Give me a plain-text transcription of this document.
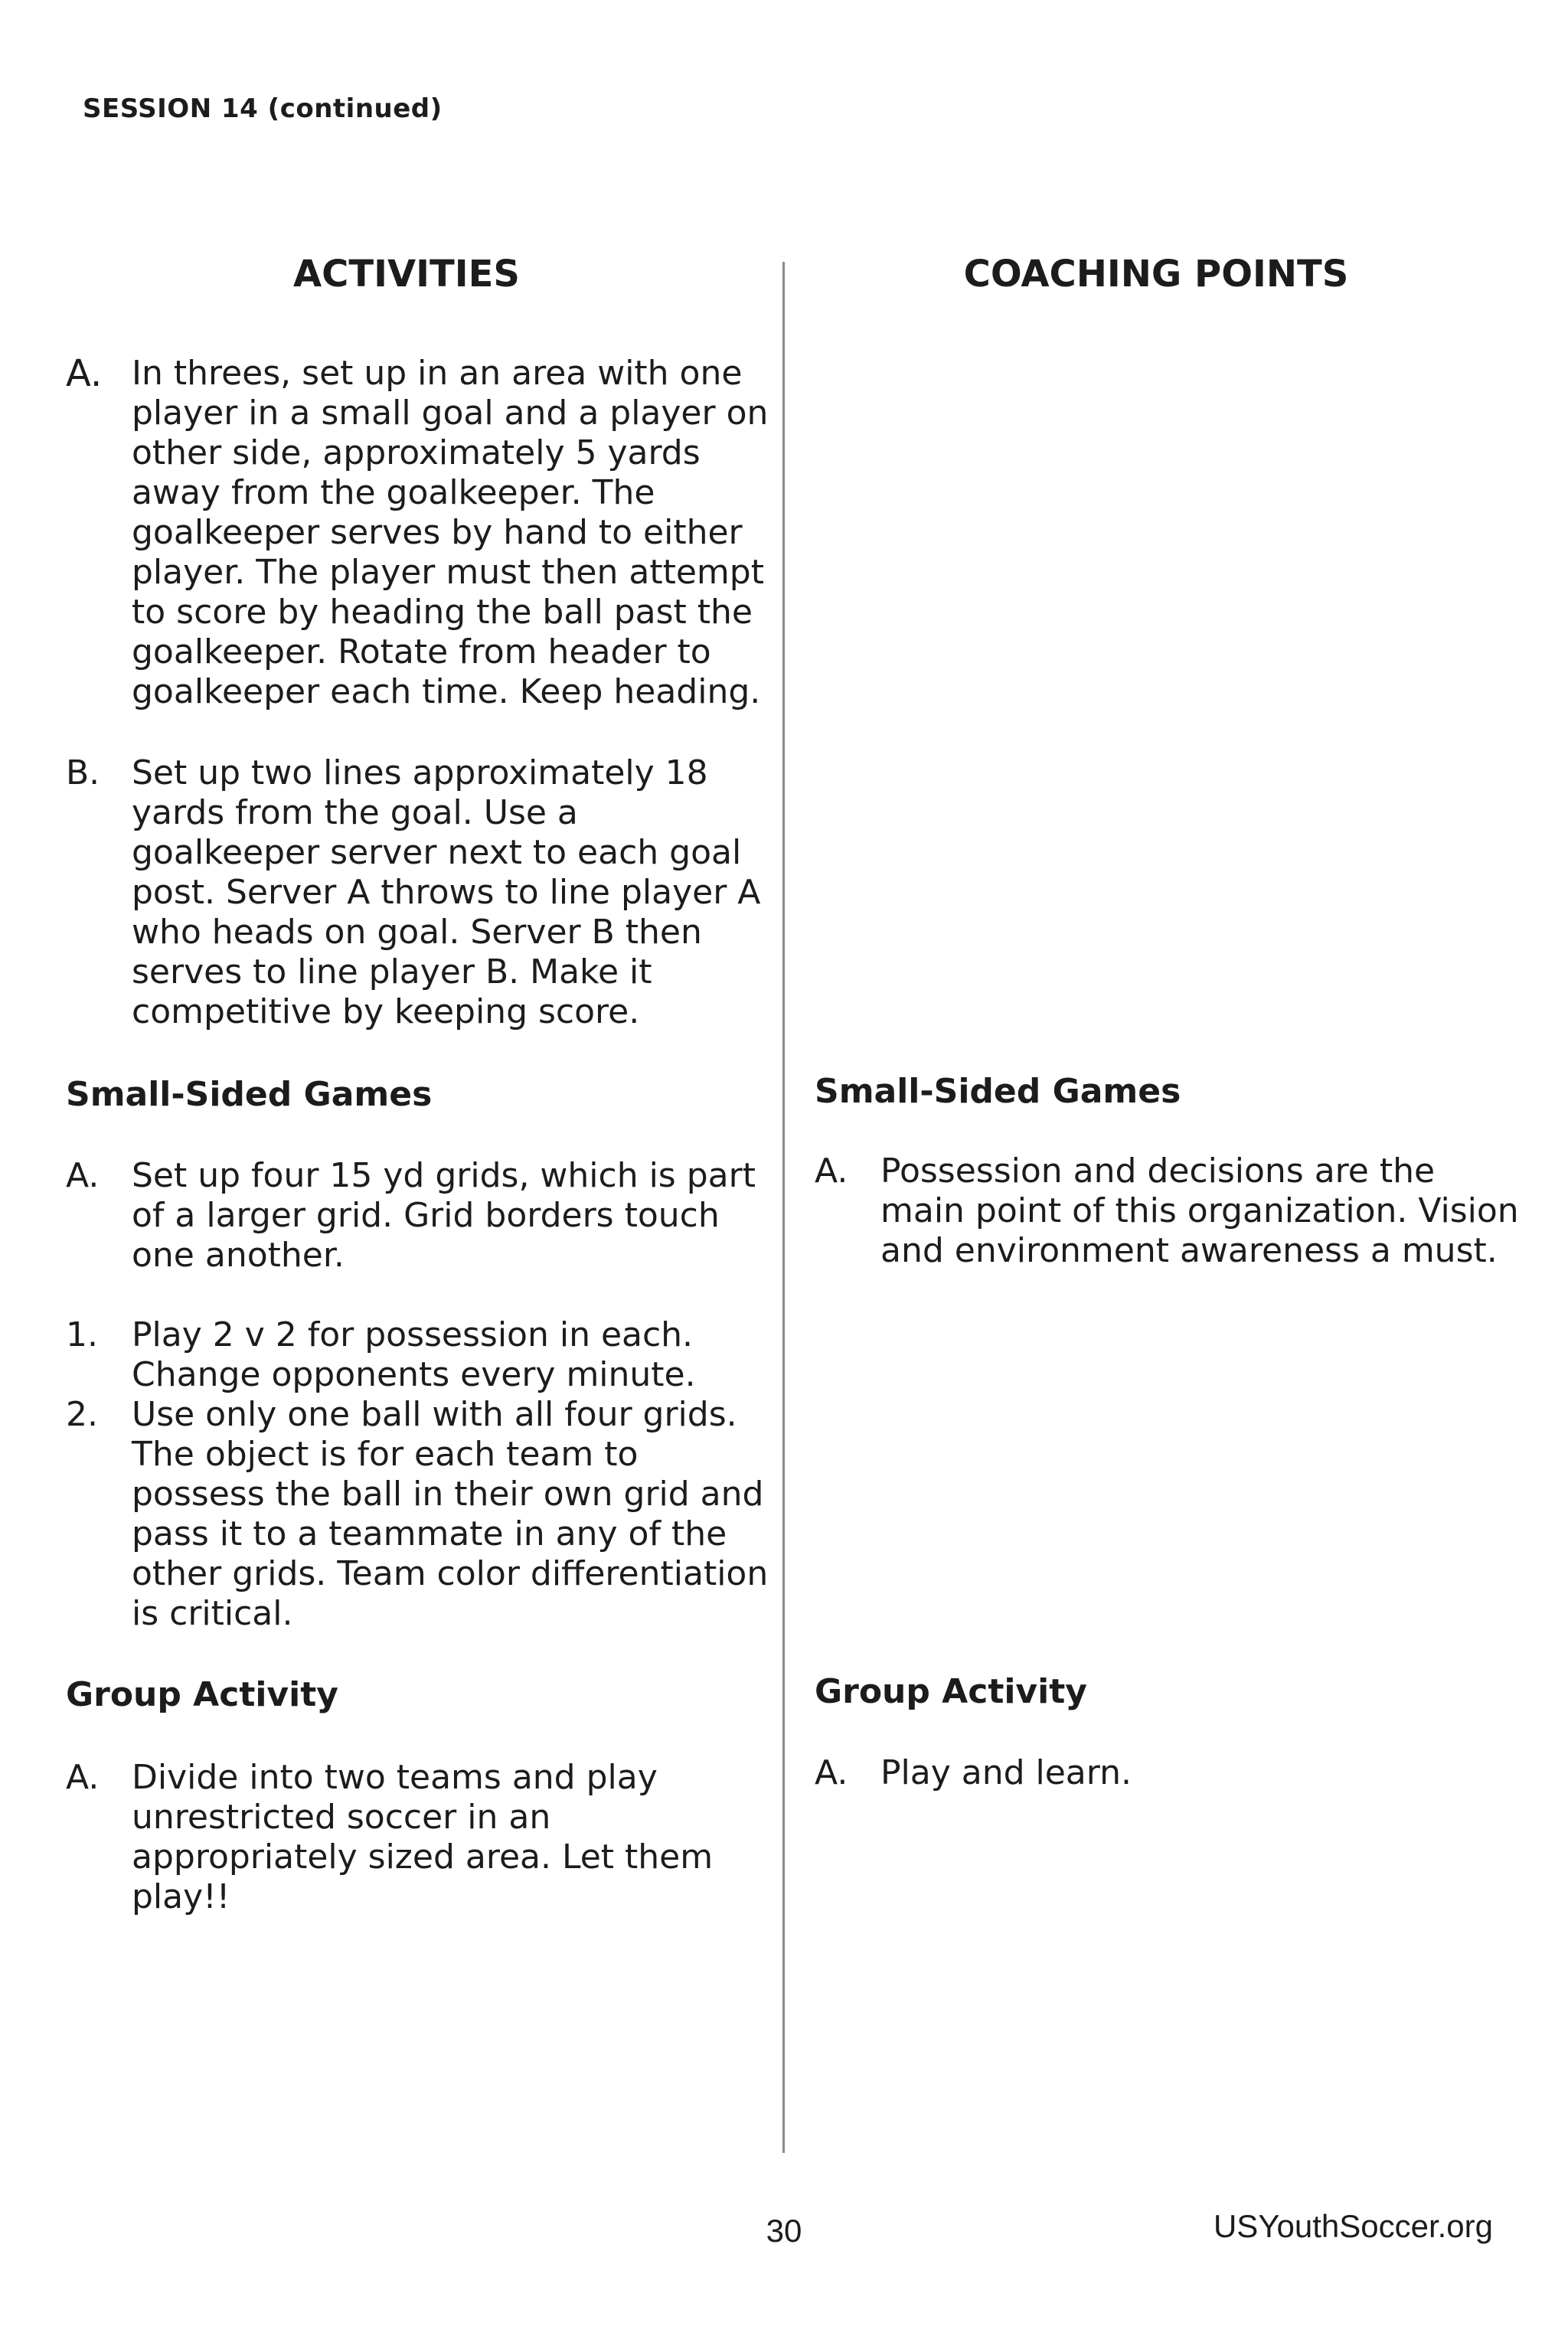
SESSION 14 (continued)
ACTIVITIES
A. In threes, set up in an area with one player in a small goal and a player on other side, approximately 5 yards away from the goalkeeper. The goalkeeper serves by hand to either player. The player must then attempt to score by heading the ball past the goalkeeper. Rotate from header to goalkeeper each time. Keep heading.
B. Set up two lines approximately 18 yards from the goal. Use a goalkeeper server next to each goal post. Server A throws to line player A who heads on goal. Server B then serves to line player B. Make it competitive by keeping score.
Small-Sided Games
A. Set up four 15 yd grids, which is part of a larger grid. Grid borders touch one another.
1.	Play 2 v 2 for possession in each. Change opponents every minute.
2.	Use only one ball with all four grids. The object is for each team to possess the ball in their own grid and pass it to a teammate in any of the other grids. Team color differentiation is critical.
Group Activity
A. Divide into two teams and play unrestricted soccer in an appropriately sized area. Let them play!!
COACHING POINTS
Small-Sided Games
A. Possession and decisions are the main point of this organization. Vision and environment awareness a must.
Group Activity
A. Play and learn.
30	USYouthSoccer.org
